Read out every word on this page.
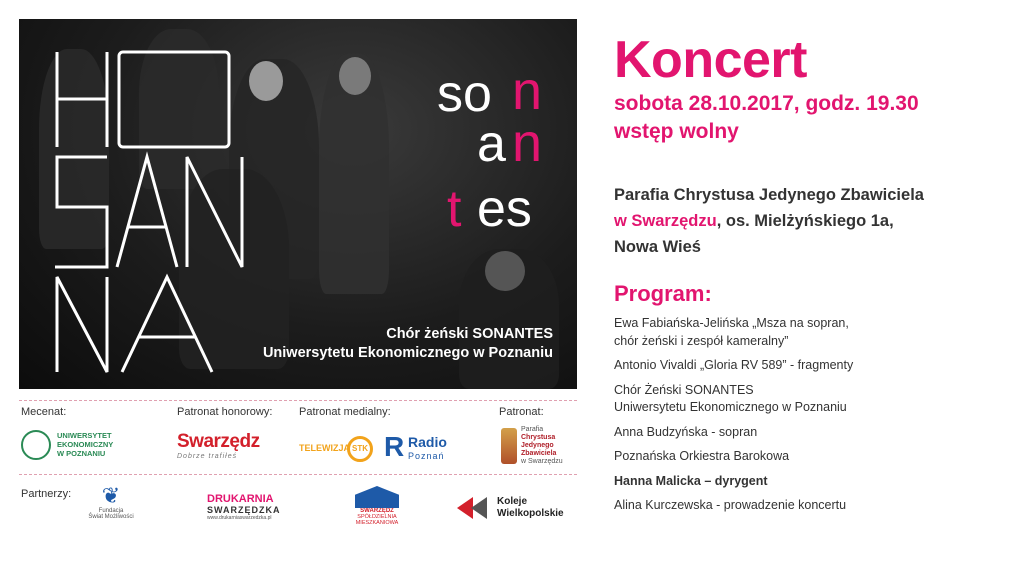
so n
a n
t es
Chór żeński SONANTES
Uniwersytetu Ekonomicznego w Poznaniu
Mecenat:	Patronat honorowy: Patronat medialny:	Patronat:
UNIWERSYTET
EKONOMICZNY
W POZNANIU
Swarzędz
Dobrze trafiłeś
TELEWIZJA STK R Radio
Poznań
Parafia
Chrystusa
Jedynego
Zbawiciela
w Swarzędzu
Partnerzy: ❦
Fundacja
Świat Możliwości
DRUKARNIA
SWARZĘDZKA
www.drukarniaswarzedzka.pl
SWARZĘDZ
SPÓŁDZIELNIA MIESZKANIOWA
Koleje
Wielkopolskie
Koncert
sobota 28.10.2017, godz. 19.30
wstęp wolny
Parafia Chrystusa Jedynego Zbawiciela
w Swarzędzu, os. Mielżyńskiego 1a,
Nowa Wieś
Program:
Ewa Fabiańska-Jelińska „Msza na sopran,
chór żeński i zespół kameralny”
Antonio Vivaldi „Gloria RV 589” - fragmenty
Chór Żeński SONANTES
Uniwersytetu Ekonomicznego w Poznaniu
Anna Budzyńska - sopran
Poznańska Orkiestra Barokowa
Hanna Malicka – dyrygent
Alina Kurczewska - prowadzenie koncertu
